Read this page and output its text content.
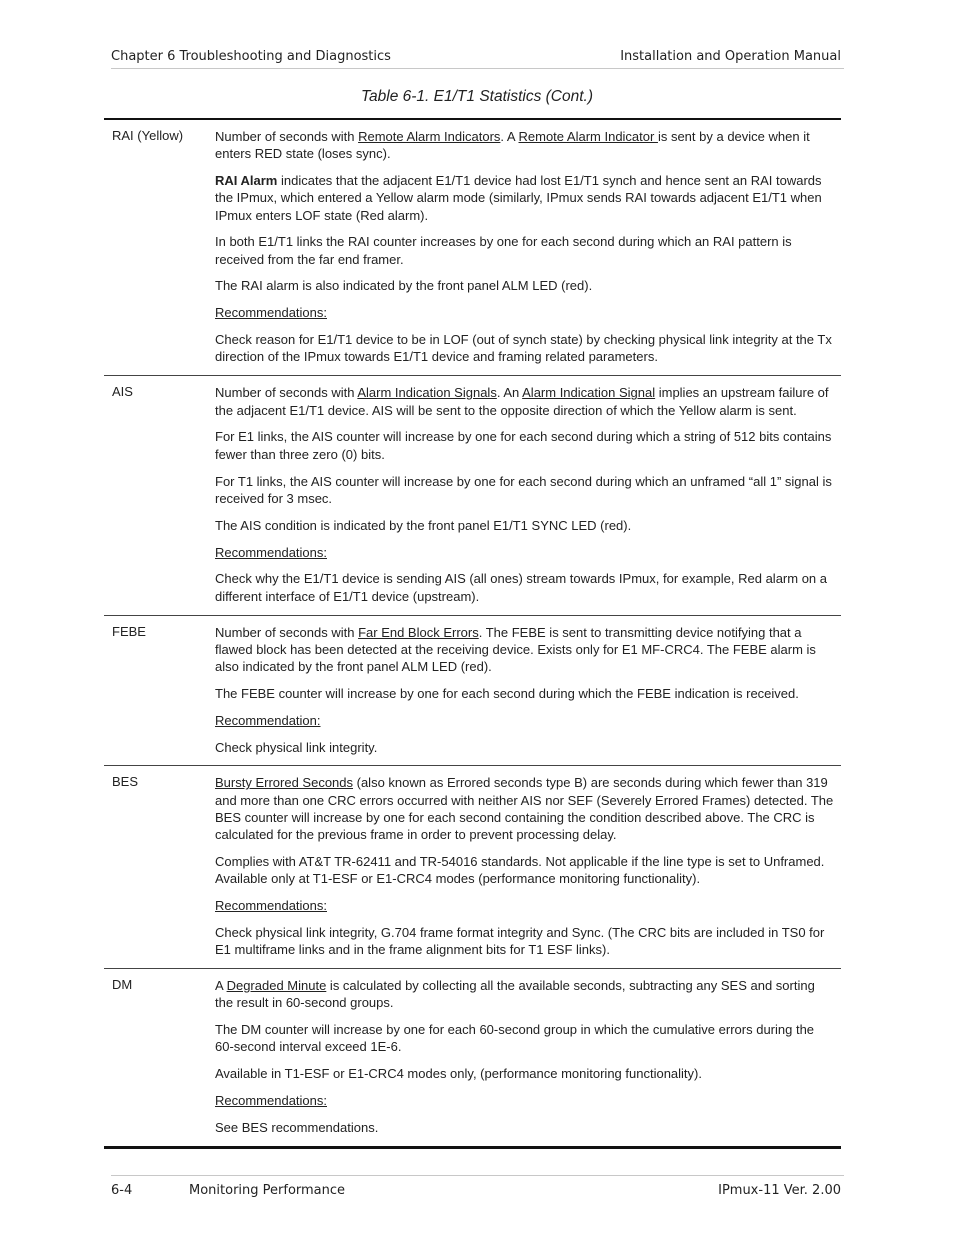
Chapter 6 Troubleshooting and Diagnostics	Installation and Operation Manual
Table 6-1. E1/T1 Statistics (Cont.)
RAI (Yellow)	Number of seconds with Remote Alarm Indicators. A Remote Alarm Indicator is sent by a device when it enters RED state (loses sync).

RAI Alarm indicates that the adjacent E1/T1 device had lost E1/T1 synch and hence sent an RAI towards the IPmux, which entered a Yellow alarm mode (similarly, IPmux sends RAI towards adjacent E1/T1 when IPmux enters LOF state (Red alarm).

In both E1/T1 links the RAI counter increases by one for each second during which an RAI pattern is received from the far end framer.

The RAI alarm is also indicated by the front panel ALM LED (red).

Recommendations:

Check reason for E1/T1 device to be in LOF (out of synch state) by checking physical link integrity at the Tx direction of the IPmux towards E1/T1 device and framing related parameters.

AIS	Number of seconds with Alarm Indication Signals. An Alarm Indication Signal implies an upstream failure of the adjacent E1/T1 device. AIS will be sent to the opposite direction of which the Yellow alarm is sent.

For E1 links, the AIS counter will increase by one for each second during which a string of 512 bits contains fewer than three zero (0) bits.

For T1 links, the AIS counter will increase by one for each second during which an unframed “all 1” signal is received for 3 msec.

The AIS condition is indicated by the front panel E1/T1 SYNC LED (red).

Recommendations:

Check why the E1/T1 device is sending AIS (all ones) stream towards IPmux, for example, Red alarm on a different interface of E1/T1 device (upstream).

FEBE	Number of seconds with Far End Block Errors. The FEBE is sent to transmitting device notifying that a flawed block has been detected at the receiving device. Exists only for E1 MF-CRC4. The FEBE alarm is also indicated by the front panel ALM LED (red).

The FEBE counter will increase by one for each second during which the FEBE indication is received.

Recommendation:

Check physical link integrity.

BES	Bursty Errored Seconds (also known as Errored seconds type B) are seconds during which fewer than 319 and more than one CRC errors occurred with neither AIS nor SEF (Severely Errored Frames) detected. The BES counter will increase by one for each second containing the condition described above. The CRC is calculated for the previous frame in order to prevent processing delay.

Complies with AT&T TR-62411 and TR-54016 standards. Not applicable if the line type is set to Unframed. Available only at T1-ESF or E1-CRC4 modes (performance monitoring functionality).

Recommendations:

Check physical link integrity, G.704 frame format integrity and Sync. (The CRC bits are included in TS0 for E1 multiframe links and in the frame alignment bits for T1 ESF links).

DM	A Degraded Minute is calculated by collecting all the available seconds, subtracting any SES and sorting the result in 60-second groups.

The DM counter will increase by one for each 60-second group in which the cumulative errors during the 60-second interval exceed 1E-6.

Available in T1-ESF or E1-CRC4 modes only, (performance monitoring functionality).

Recommendations:

See BES recommendations.

6-4	Monitoring Performance	IPmux-11 Ver. 2.00
